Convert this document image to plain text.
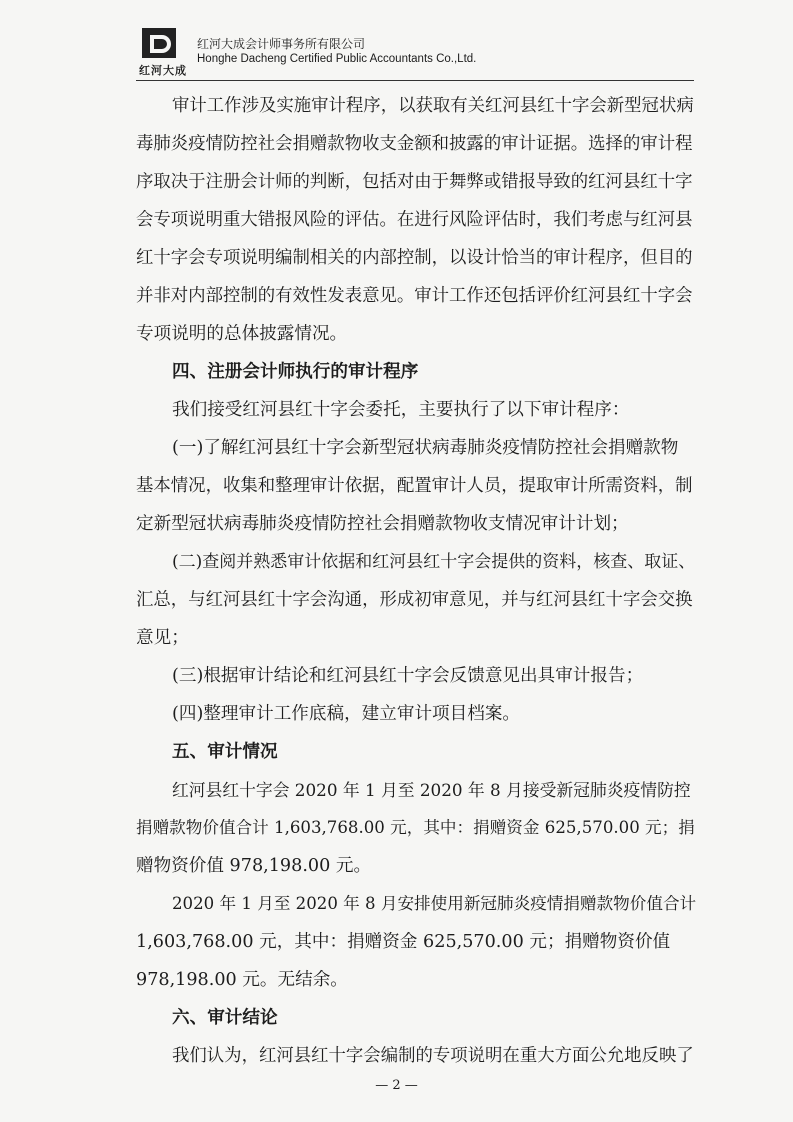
红河大成
红河大成会计师事务所有限公司
Honghe Dacheng Certified Public Accountants Co.,Ltd.
审计工作涉及实施审计程序，以获取有关红河县红十字会新型冠状病
毒肺炎疫情防控社会捐赠款物收支金额和披露的审计证据。选择的审计程
序取决于注册会计师的判断，包括对由于舞弊或错报导致的红河县红十字
会专项说明重大错报风险的评估。在进行风险评估时，我们考虑与红河县
红十字会专项说明编制相关的内部控制，以设计恰当的审计程序，但目的
并非对内部控制的有效性发表意见。审计工作还包括评价红河县红十字会
专项说明的总体披露情况。
四、注册会计师执行的审计程序
我们接受红河县红十字会委托，主要执行了以下审计程序：
(一)了解红河县红十字会新型冠状病毒肺炎疫情防控社会捐赠款物
基本情况，收集和整理审计依据，配置审计人员，提取审计所需资料，制
定新型冠状病毒肺炎疫情防控社会捐赠款物收支情况审计计划；
(二)查阅并熟悉审计依据和红河县红十字会提供的资料，核查、取证、
汇总，与红河县红十字会沟通，形成初审意见，并与红河县红十字会交换
意见；
(三)根据审计结论和红河县红十字会反馈意见出具审计报告；
(四)整理审计工作底稿，建立审计项目档案。
五、审计情况
红河县红十字会 2020 年 1 月至 2020 年 8 月接受新冠肺炎疫情防控
捐赠款物价值合计 1,603,768.00 元，其中：捐赠资金 625,570.00 元；捐
赠物资价值 978,198.00 元。
2020 年 1 月至 2020 年 8 月安排使用新冠肺炎疫情捐赠款物价值合计
1,603,768.00 元，其中：捐赠资金 625,570.00 元；捐赠物资价值
978,198.00 元。无结余。
六、审计结论
我们认为，红河县红十字会编制的专项说明在重大方面公允地反映了
— 2 —
